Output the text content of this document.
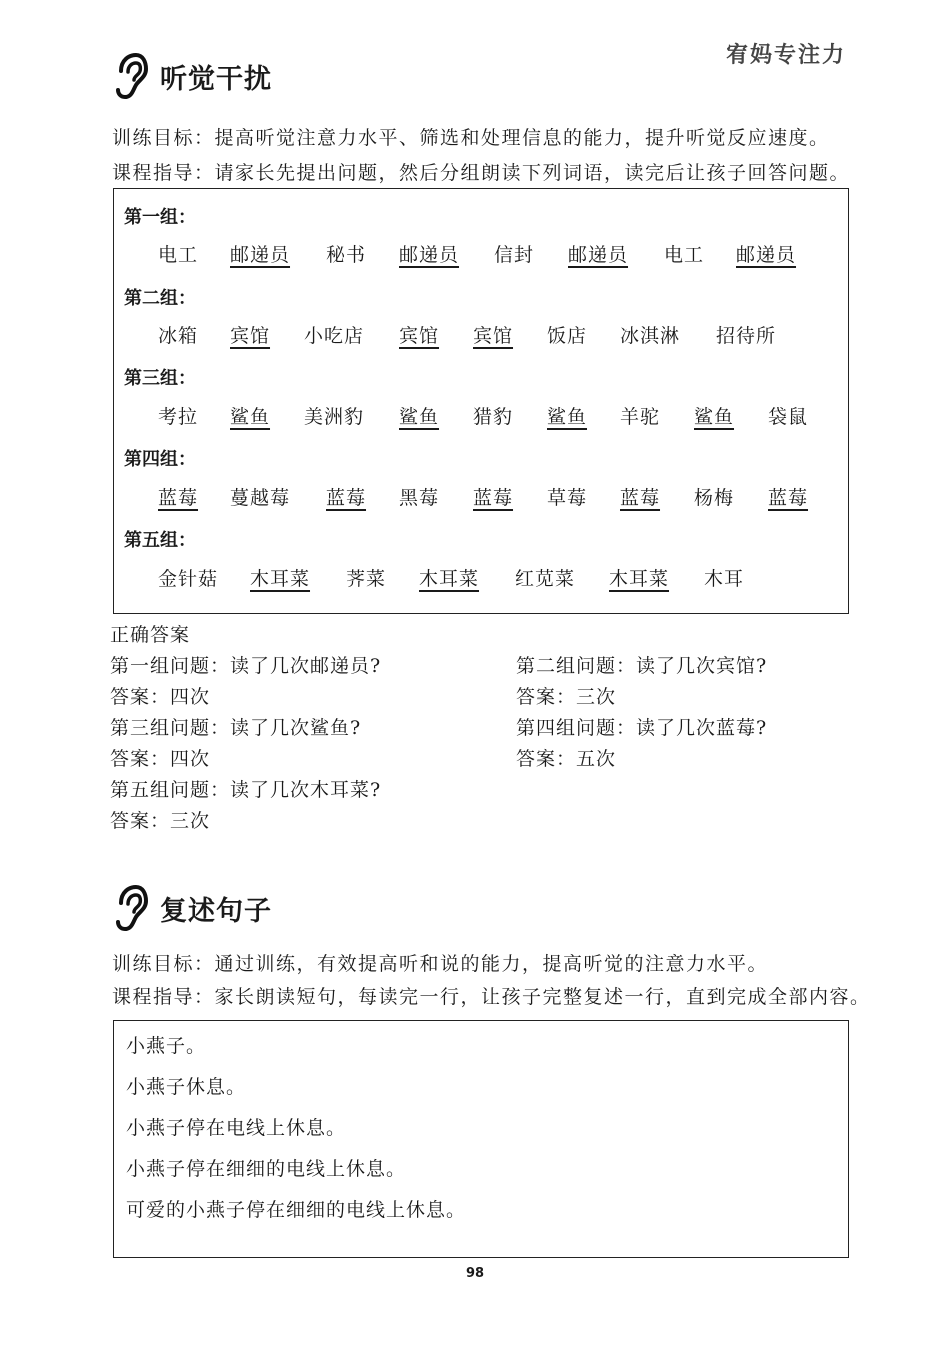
宥妈专注力
听觉干扰
训练目标：提高听觉注意力水平、筛选和处理信息的能力，提升听觉反应速度。
课程指导：请家长先提出问题，然后分组朗读下列词语，读完后让孩子回答问题。
第一组：
电工 邮递员 秘书 邮递员 信封 邮递员 电工 邮递员
第二组：
冰箱 宾馆 小吃店 宾馆 宾馆 饭店 冰淇淋 招待所
第三组：
考拉 鲨鱼 美洲豹 鲨鱼 猎豹 鲨鱼 羊驼 鲨鱼 袋鼠
第四组：
蓝莓 蔓越莓 蓝莓 黑莓 蓝莓 草莓 蓝莓 杨梅 蓝莓
第五组：
金针菇 木耳菜 荠菜 木耳菜 红苋菜 木耳菜 木耳
正确答案
第一组问题：读了几次邮递员?
答案：四次
第二组问题：读了几次宾馆?
答案：三次
第三组问题：读了几次鲨鱼?
答案：四次
第四组问题：读了几次蓝莓?
答案：五次
第五组问题：读了几次木耳菜?
答案：三次
复述句子
训练目标：通过训练，有效提高听和说的能力，提高听觉的注意力水平。
课程指导：家长朗读短句，每读完一行，让孩子完整复述一行，直到完成全部内容。
小燕子。
小燕子休息。
小燕子停在电线上休息。
小燕子停在细细的电线上休息。
可爱的小燕子停在细细的电线上休息。
98
